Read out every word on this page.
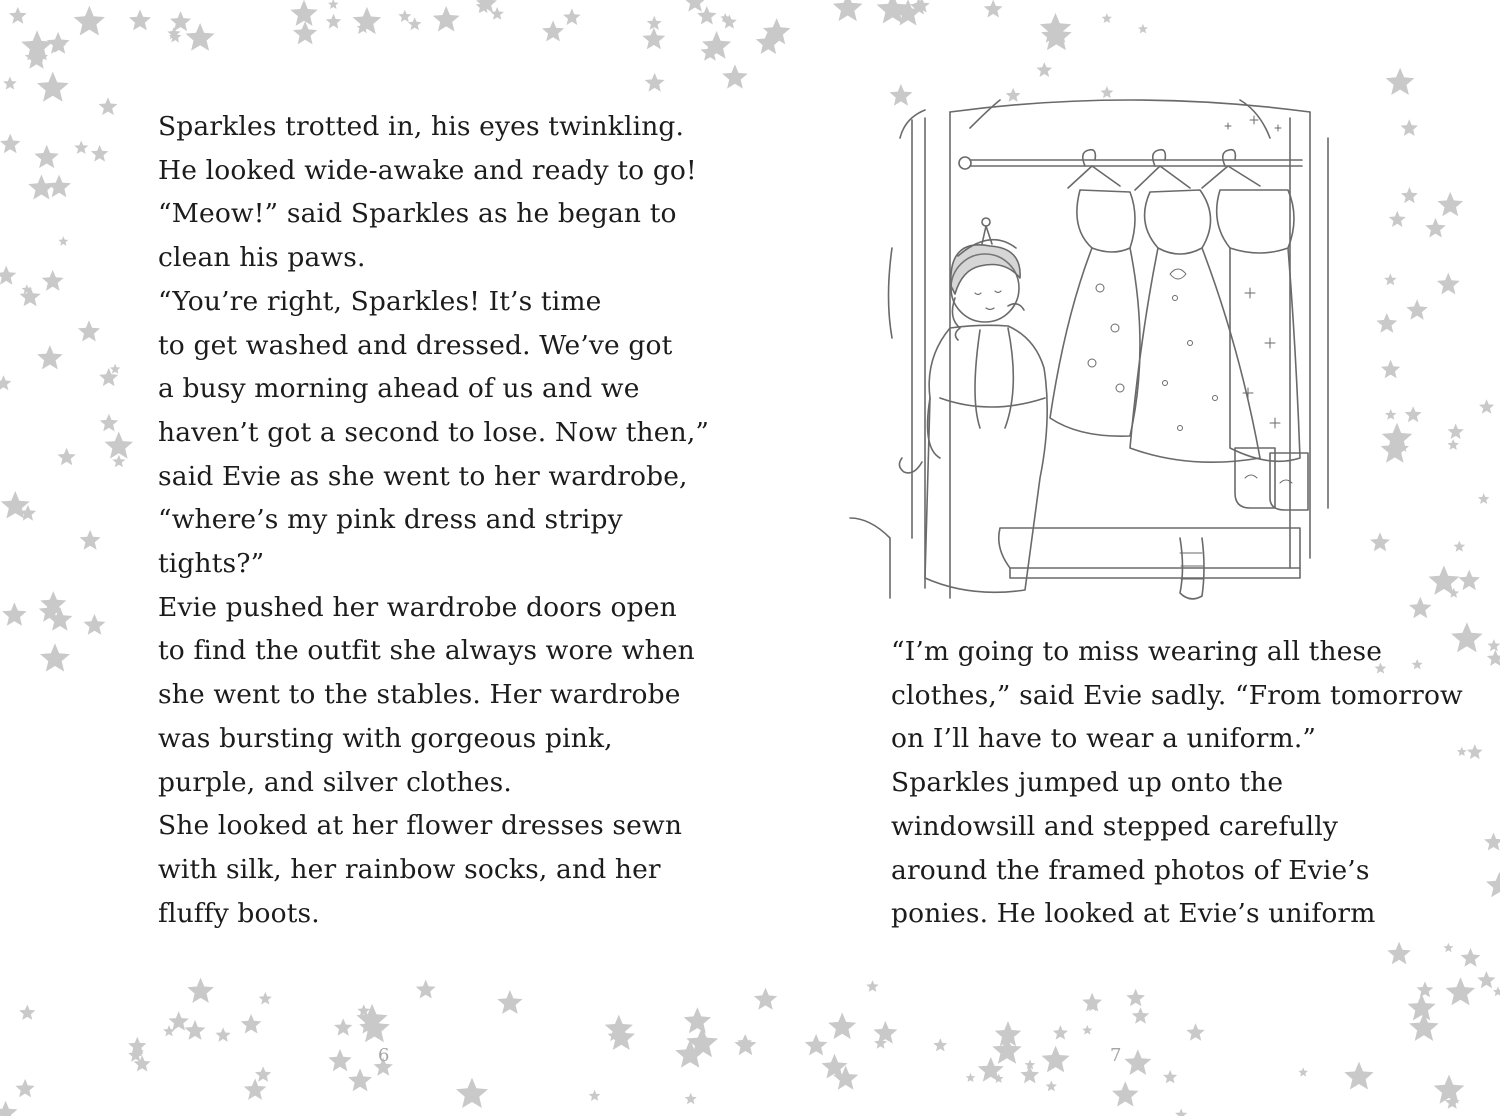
Sparkles trotted in, his eyes twinkling.
He looked wide-awake and ready to go!

“Meow!” said Sparkles as he began to
clean his paws.

“You’re right, Sparkles! It’s time
to get washed and dressed. We’ve got
a busy morning ahead of us and we
haven’t got a second to lose. Now then,”
said Evie as she went to her wardrobe,
“where’s my pink dress and stripy
tights?”

Evie pushed her wardrobe doors open
to find the outfit she always wore when
she went to the stables. Her wardrobe
was bursting with gorgeous pink,
purple, and silver clothes.

She looked at her flower dresses sewn
with silk, her rainbow socks, and her
fluffy boots.

6

“I’m going to miss wearing all these
clothes,” said Evie sadly. “From tomorrow
on I’ll have to wear a uniform.”

Sparkles jumped up onto the
windowsill and stepped carefully
around the framed photos of Evie’s
ponies. He looked at Evie’s uniform

7
